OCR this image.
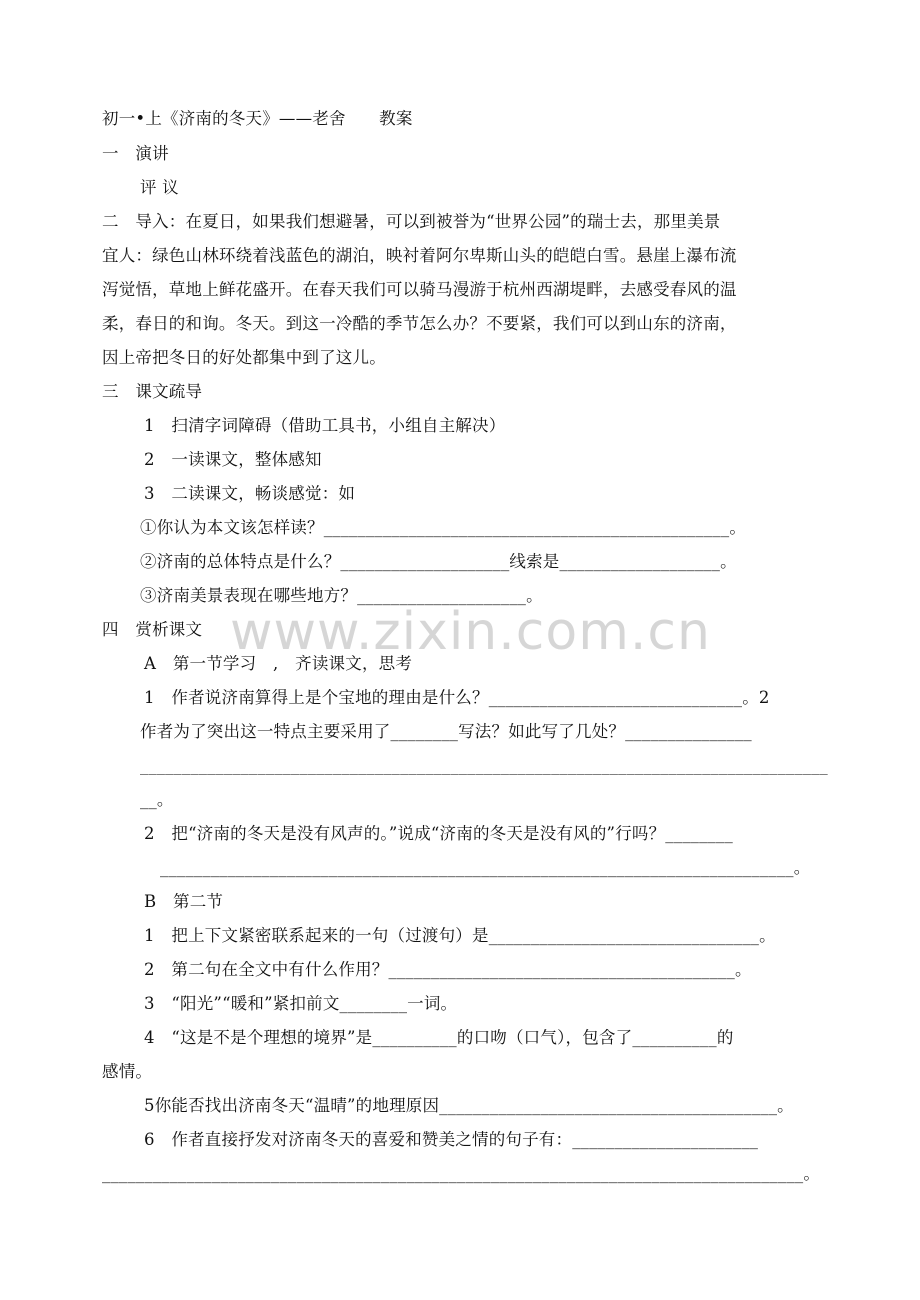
www.zixin.com.cn
初一•上《济南的冬天》——老舍　　教案
一　演讲
评 议
二　导入：在夏日，如果我们想避暑，可以到被誉为“世界公园”的瑞士去，那里美景
宜人：绿色山林环绕着浅蓝色的湖泊，映衬着阿尔卑斯山头的皑皑白雪。悬崖上瀑布流
泻觉悟，草地上鲜花盛开。在春天我们可以骑马漫游于杭州西湖堤畔，去感受春风的温
柔，春日的和询。冬天。到这一冷酷的季节怎么办？不要紧，我们可以到山东的济南，
因上帝把冬日的好处都集中到了这儿。
三　课文疏导
1　扫清字词障碍（借助工具书，小组自主解决）
2　一读课文，整体感知
3　二读课文，畅谈感觉：如
①你认为本文该怎样读？________________________________________________。
②济南的总体特点是什么？____________________线索是___________________。
③济南美景表现在哪些地方？____________________。
四　赏析课文
A　第一节学习　,　齐读课文，思考
1　作者说济南算得上是个宝地的理由是什么？______________________________。2
作者为了突出这一特点主要采用了________写法？如此写了几处？_______________
__________________________________________________________________________________
__。
2　把“济南的冬天是没有风声的。”说成“济南的冬天是没有风的”行吗？________
___________________________________________________________________________。
B　第二节
1　把上下文紧密联系起来的一句（过渡句）是________________________________。
2　第二句在全文中有什么作用？_________________________________________。
3　“阳光”“暖和”紧扣前文________一词。
4　“这是不是个理想的境界”是__________的口吻（口气），包含了__________的
感情。
5你能否找出济南冬天“温晴”的地理原因________________________________________。
6　作者直接抒发对济南冬天的喜爱和赞美之情的句子有：______________________
___________________________________________________________________________________。
